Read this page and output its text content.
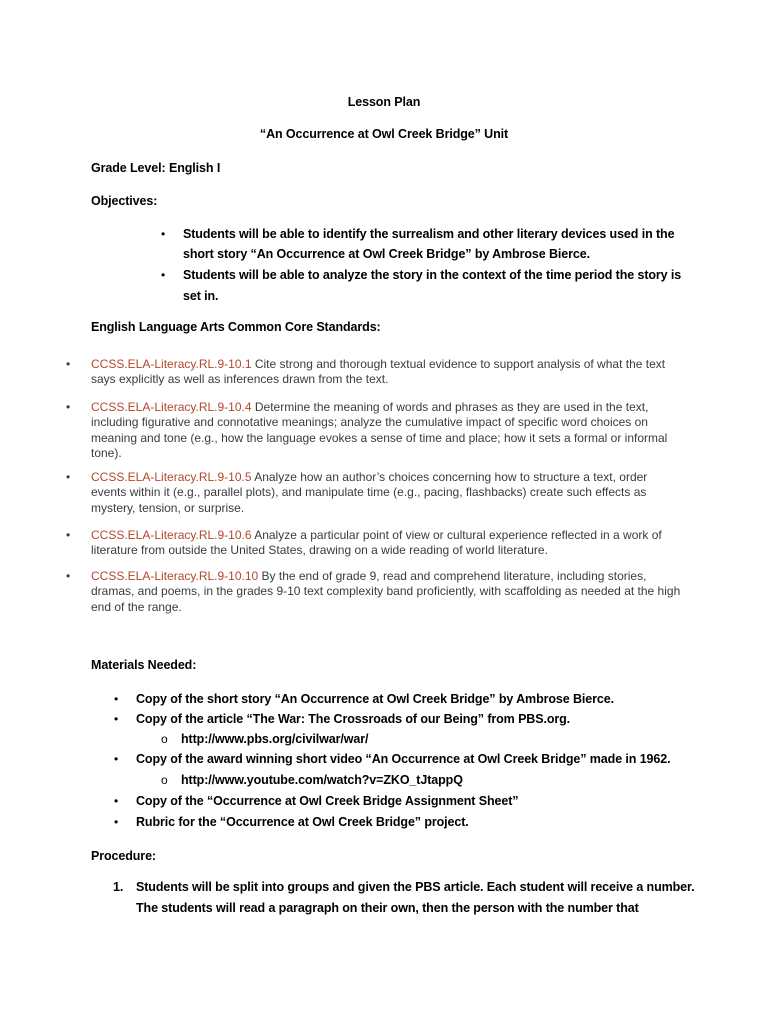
Lesson Plan
“An Occurrence at Owl Creek Bridge” Unit
Grade Level: English I
Objectives:
• Students will be able to identify the surrealism and other literary devices used in the
short story “An Occurrence at Owl Creek Bridge” by Ambrose Bierce.
• Students will be able to analyze the story in the context of the time period the story is
set in.
English Language Arts Common Core Standards:
• CCSS.ELA-Literacy.RL.9-10.1 Cite strong and thorough textual evidence to support analysis of what the text says explicitly as well as inferences drawn from the text.
• CCSS.ELA-Literacy.RL.9-10.4 Determine the meaning of words and phrases as they are used in the text, including figurative and connotative meanings; analyze the cumulative impact of specific word choices on meaning and tone (e.g., how the language evokes a sense of time and place; how it sets a formal or informal tone).
• CCSS.ELA-Literacy.RL.9-10.5 Analyze how an author’s choices concerning how to structure a text, order events within it (e.g., parallel plots), and manipulate time (e.g., pacing, flashbacks) create such effects as mystery, tension, or surprise.
• CCSS.ELA-Literacy.RL.9-10.6 Analyze a particular point of view or cultural experience reflected in a work of literature from outside the United States, drawing on a wide reading of world literature.
• CCSS.ELA-Literacy.RL.9-10.10 By the end of grade 9, read and comprehend literature, including stories, dramas, and poems, in the grades 9-10 text complexity band proficiently, with scaffolding as needed at the high end of the range.
Materials Needed:
• Copy of the short story “An Occurrence at Owl Creek Bridge” by Ambrose Bierce.
• Copy of the article “The War: The Crossroads of our Being” from PBS.org.
o http://www.pbs.org/civilwar/war/
• Copy of the award winning short video “An Occurrence at Owl Creek Bridge” made in 1962.
o http://www.youtube.com/watch?v=ZKO_tJtappQ
• Copy of the “Occurrence at Owl Creek Bridge Assignment Sheet”
• Rubric for the “Occurrence at Owl Creek Bridge” project.
Procedure:
1. Students will be split into groups and given the PBS article. Each student will receive a number.
The students will read a paragraph on their own, then the person with the number that
